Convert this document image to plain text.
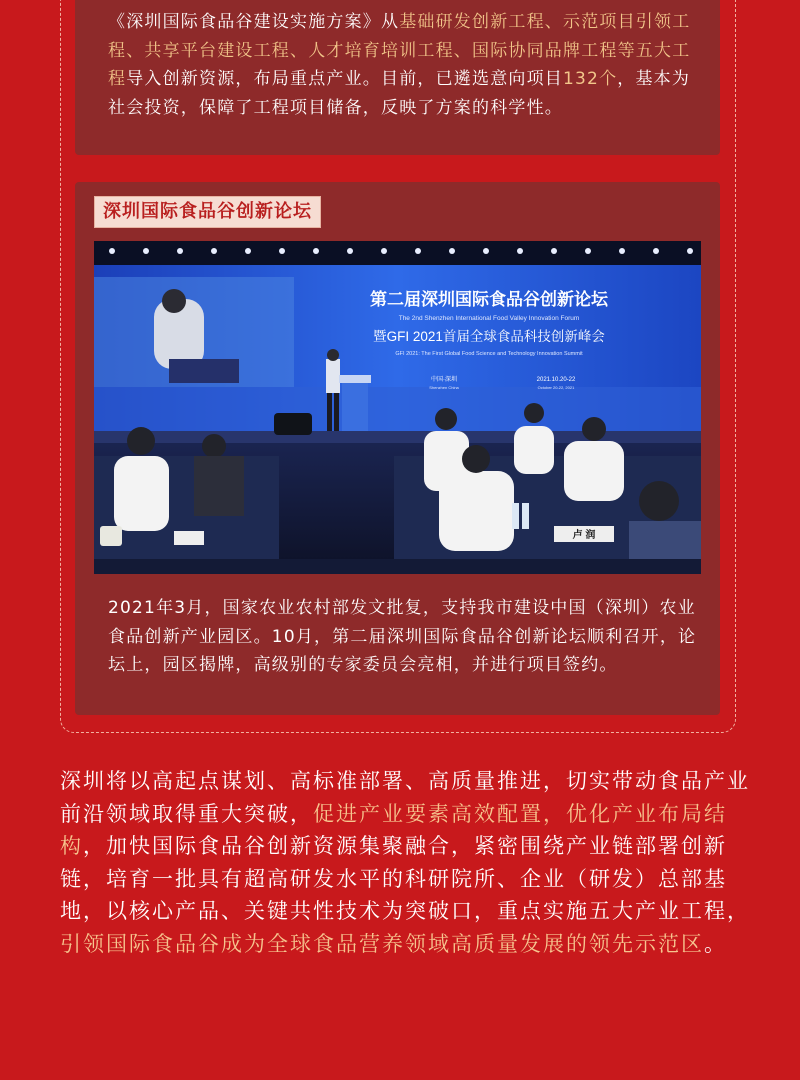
《深圳国际食品谷建设实施方案》从基础研发创新工程、示范项目引领工程、共享平台建设工程、人才培育培训工程、国际协同品牌工程等五大工程导入创新资源，布局重点产业。目前，已遴选意向项目132个，基本为社会投资，保障了工程项目储备，反映了方案的科学性。
深圳国际食品谷创新论坛
第二届深圳国际食品谷创新论坛
The 2nd Shenzhen International Food Valley Innovation Forum
暨GFI 2021首届全球食品科技创新峰会
GFI 2021: The First Global Food Science and Technology Innovation Summit
中国·深圳
Shenzhen China
2021.10.20-22
October 20-22, 2021
卢 润
2021年3月，国家农业农村部发文批复，支持我市建设中国（深圳）农业食品创新产业园区。10月，第二届深圳国际食品谷创新论坛顺利召开，论坛上，园区揭牌，高级别的专家委员会亮相，并进行项目签约。
深圳将以高起点谋划、高标准部署、高质量推进，切实带动食品产业前沿领域取得重大突破，促进产业要素高效配置，优化产业布局结构，加快国际食品谷创新资源集聚融合，紧密围绕产业链部署创新链，培育一批具有超高研发水平的科研院所、企业（研发）总部基地，以核心产品、关键共性技术为突破口，重点实施五大产业工程，引领国际食品谷成为全球食品营养领域高质量发展的领先示范区。
